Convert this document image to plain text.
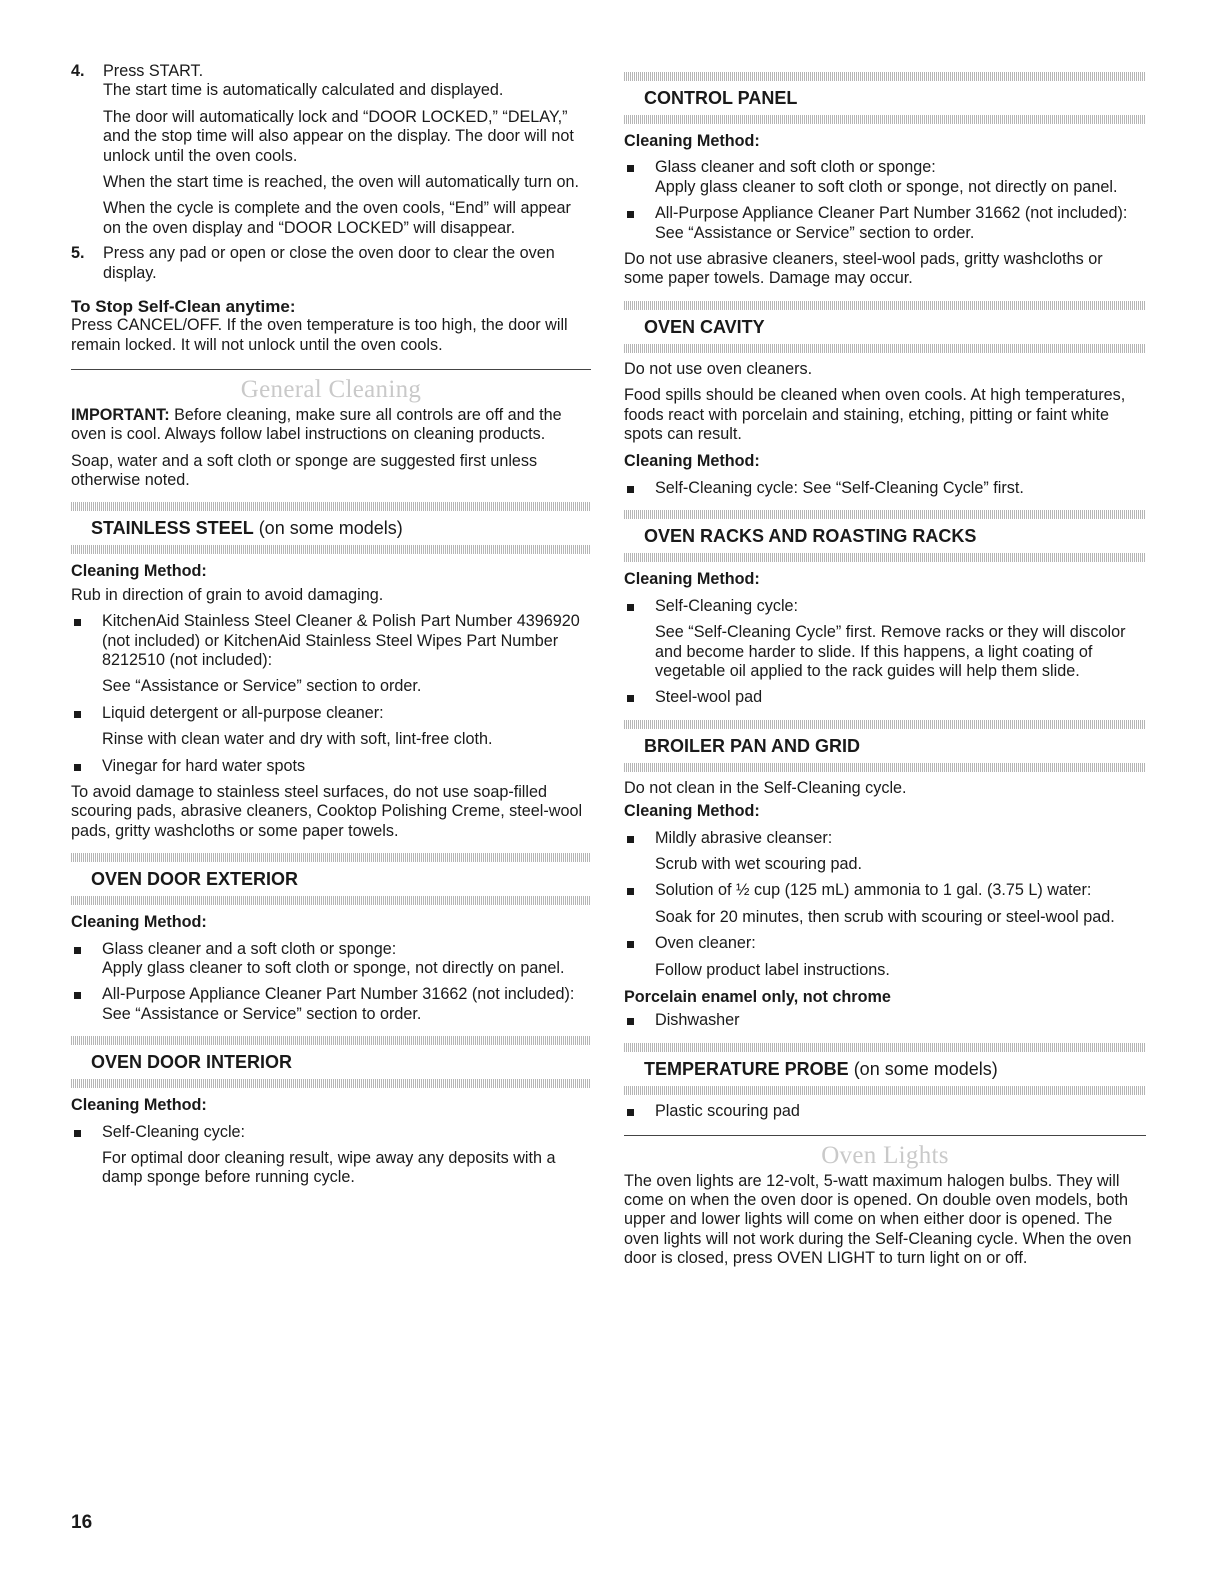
4. Press START.

The start time is automatically calculated and displayed.

The door will automatically lock and “DOOR LOCKED,” “DELAY,” and the stop time will also appear on the display. The door will not unlock until the oven cools.

When the start time is reached, the oven will automatically turn on.

When the cycle is complete and the oven cools, “End” will appear on the oven display and “DOOR LOCKED” will disappear.

5. Press any pad or open or close the oven door to clear the oven display.

To Stop Self-Clean anytime:

Press CANCEL/OFF. If the oven temperature is too high, the door will remain locked. It will not unlock until the oven cools.

General Cleaning

IMPORTANT: Before cleaning, make sure all controls are off and the oven is cool. Always follow label instructions on cleaning products.

Soap, water and a soft cloth or sponge are suggested first unless otherwise noted.

STAINLESS STEEL (on some models)

Cleaning Method:

Rub in direction of grain to avoid damaging.

KitchenAid Stainless Steel Cleaner & Polish Part Number 4396920 (not included) or KitchenAid Stainless Steel Wipes Part Number 8212510 (not included):

See “Assistance or Service” section to order.

Liquid detergent or all-purpose cleaner:

Rinse with clean water and dry with soft, lint-free cloth.

Vinegar for hard water spots

To avoid damage to stainless steel surfaces, do not use soap-filled scouring pads, abrasive cleaners, Cooktop Polishing Creme, steel-wool pads, gritty washcloths or some paper towels.

OVEN DOOR EXTERIOR

Cleaning Method:

Glass cleaner and a soft cloth or sponge:
Apply glass cleaner to soft cloth or sponge, not directly on panel.
All-Purpose Appliance Cleaner Part Number 31662 (not included):
See “Assistance or Service” section to order.
OVEN DOOR INTERIOR

Cleaning Method:

Self-Cleaning cycle:

For optimal door cleaning result, wipe away any deposits with a damp sponge before running cycle.

CONTROL PANEL

Cleaning Method:

Glass cleaner and soft cloth or sponge:
Apply glass cleaner to soft cloth or sponge, not directly on panel.
All-Purpose Appliance Cleaner Part Number 31662 (not included):
See “Assistance or Service” section to order.

Do not use abrasive cleaners, steel-wool pads, gritty washcloths or some paper towels. Damage may occur.

OVEN CAVITY

Do not use oven cleaners.

Food spills should be cleaned when oven cools. At high temperatures, foods react with porcelain and staining, etching, pitting or faint white spots can result.

Cleaning Method:

Self-Cleaning cycle: See “Self-Cleaning Cycle” first.
OVEN RACKS AND ROASTING RACKS

Cleaning Method:

Self-Cleaning cycle:

See “Self-Cleaning Cycle” first. Remove racks or they will discolor and become harder to slide. If this happens, a light coating of vegetable oil applied to the rack guides will help them slide.

Steel-wool pad
BROILER PAN AND GRID

Do not clean in the Self-Cleaning cycle.

Cleaning Method:

Mildly abrasive cleanser:

Scrub with wet scouring pad.

Solution of ½ cup (125 mL) ammonia to 1 gal. (3.75 L) water:

Soak for 20 minutes, then scrub with scouring or steel-wool pad.

Oven cleaner:

Follow product label instructions.

Porcelain enamel only, not chrome

Dishwasher
TEMPERATURE PROBE (on some models)
Plastic scouring pad

Oven Lights

The oven lights are 12-volt, 5-watt maximum halogen bulbs. They will come on when the oven door is opened. On double oven models, both upper and lower lights will come on when either door is opened. The oven lights will not work during the Self-Cleaning cycle. When the oven door is closed, press OVEN LIGHT to turn light on or off.

16
